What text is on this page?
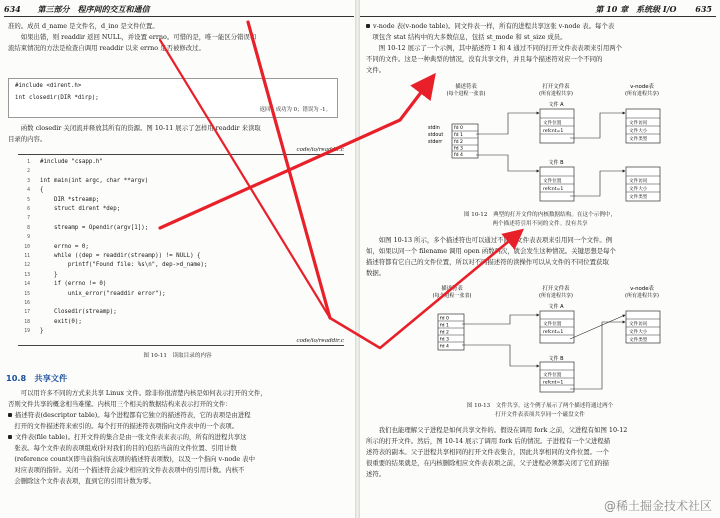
634 第三部分　程序间的交互和通信
准的。成员 d_name 是文件名，d_ino 是文件位置。
　　如果出错，则 readdir 返回 NULL，并设置 errno。可惜的是，唯一能区分错误和
流结束情况的方法是检查自调用 readdir 以来 errno 是否被修改过。
#include <dirent.h>
int closedir(DIR *dirp);
返回：成功为 0；错误为 -1。
　　函数 closedir 关闭流并释放其所有的资源。图 10-11 展示了怎样用 readdir 来读取
目录的内容。
code/io/readdir.c
1 #include "csapp.h"
2
3 int main(int argc, char **argv)
4 {
5 DIR *streamp;
6 struct dirent *dep;
7
8 streamp = Opendir(argv[1]);
9
10 errno = 0;
11 while ((dep = readdir(streamp)) != NULL) {
12 printf("Found file: %s\n", dep->d_name);
13 }
14 if (errno != 0)
15 unix_error("readdir error");
16
17 Closedir(streamp);
18 exit(0);
19 }
code/io/readdir.c
图 10-11　读取目录的内容
10.8　共享文件
　　可以用许多不同的方式来共享 Linux 文件。除非你很清楚内核是如何表示打开的文件，
否则文件共享的概念相当难懂。内核用三个相关的数据结构来表示打开的文件：
描述符表(descriptor table)。每个进程都有它独立的描述符表，它的表项是由进程
　打开的文件描述符来索引的。每个打开的描述符表项指向文件表中的一个表项。
文件表(file table)。打开文件的集合是由一张文件表来表示的，所有的进程共享这
　张表。每个文件表的表项组成(针对我们的目的)包括当前的文件位置、引用计数
　(reference count)(即当前指向该表项的描述符表项数)，以及一个指向 v-node 表中
　对应表项的指针。关闭一个描述符会减少相应的文件表表项中的引用计数。内核不
　会删除这个文件表表项，直到它的引用计数为零。
第 10 章　系统级 I/O 635
v-node 表(v-node table)。同文件表一样，所有的进程共享这张 v-node 表。每个表
　项包含 stat 结构中的大多数信息，包括 st_mode 和 st_size 成员。
　　图 10-12 展示了一个示例，其中描述符 1 和 4 通过不同的打开文件表表项来引用两个
不同的文件。这是一种典型的情况，没有共享文件，并且每个描述符对应一个不同的
文件。
描述符表
(每个进程一张表)
打开文件表
(所有进程共享)
v-node表
(所有进程共享)
stdin
stdout
stderr
fd 0
fd 1
fd 2
fd 3
fd 4
文件 A
文件位置
refcnt=1
文件 B
文件位置
refcnt=1
文件访问
文件大小
文件类型
文件访问
文件大小
文件类型
图 10-12　典型的打开文件的内核数据结构。在这个示例中，
两个描述符引用不同的文件。没有共享
　　如图 10-13 所示，多个描述符也可以通过不同的文件表表项来引用同一个文件。例
如，如果以同一个 filename 调用 open 函数两次，就会发生这种情况。关键思想是每个
描述符都有它自己的文件位置，所以对不同描述符的读操作可以从文件的不同位置获取
数据。
描述符表
(每个进程一张表)
打开文件表
(所有进程共享)
v-node表
(所有进程共享)
fd 0
fd 1
fd 2
fd 3
fd 4
文件 A
文件位置
refcnt=1
文件 B
文件位置
refcnt=1
文件访问
文件大小
文件类型
图 10-13　文件共享。这个例子展示了两个描述符通过两个
打开文件表表项共享同一个磁盘文件
　　我们也能理解父子进程是如何共享文件的。假设在调用 fork 之前，父进程有如图 10-12
所示的打开文件。然后，图 10-14 展示了调用 fork 后的情况。子进程有一个父进程描
述符表的副本。父子进程共享相同的打开文件表集合，因此共享相同的文件位置。一个
很重要的结果就是，在内核删除相应文件表表项之前，父子进程必须都关闭了它们的描
述符。
@稀土掘金技术社区
